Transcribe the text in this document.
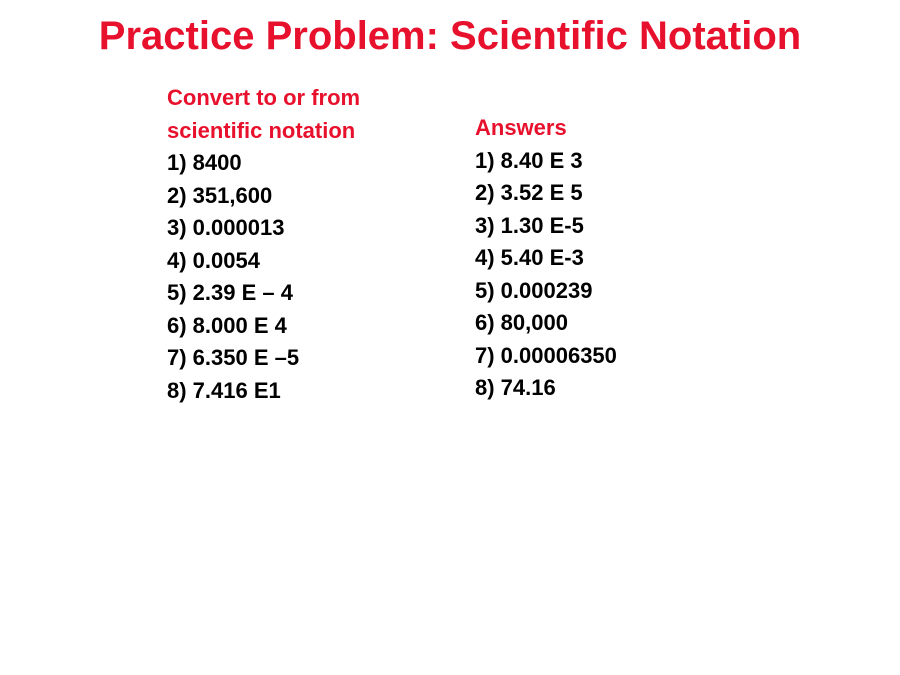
Practice Problem: Scientific Notation
Convert to or from
scientific notation
1) 8400
2) 351,600
3) 0.000013
4) 0.0054
5) 2.39 E – 4
6) 8.000 E 4
7) 6.350 E –5
8) 7.416 E1
Answers
1) 8.40 E 3
2) 3.52 E 5
3) 1.30 E-5
4) 5.40 E-3
5) 0.000239
6) 80,000
7) 0.00006350
8) 74.16
